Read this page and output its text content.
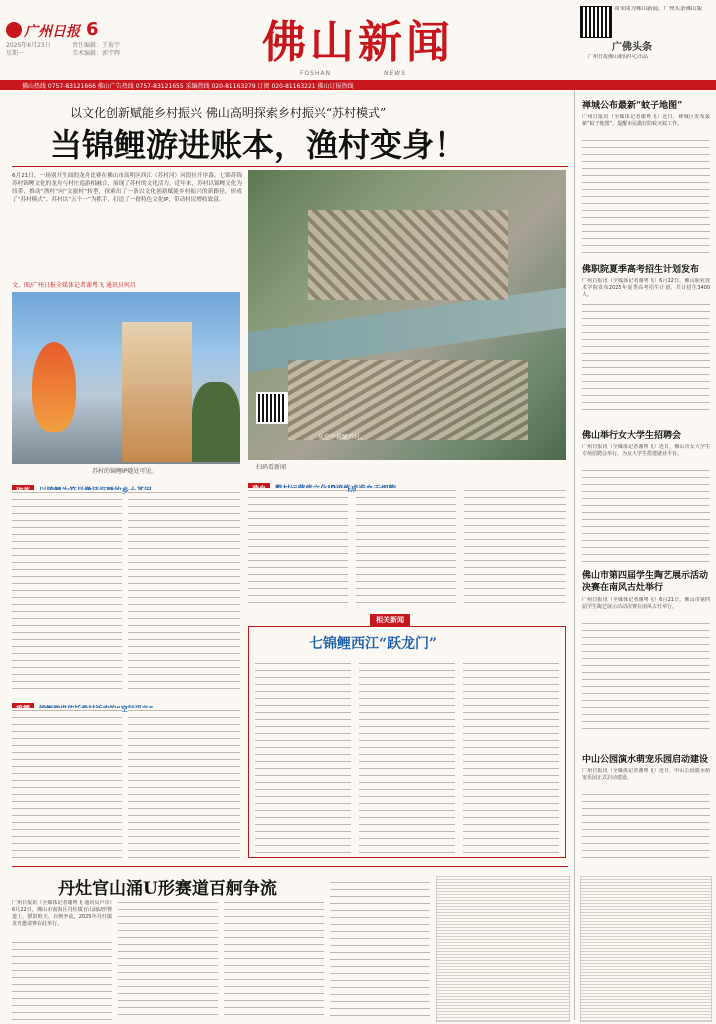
广州日报 6
2025年6月23日
星期一
责任编辑：王俊宇
美术编辑：郭宇辉	佛山新闻
FOSHAN	NEWS
周末阅为佛山新闻，广州头条佛山版
广佛头条
广州日报佛山新闻中心出品
佛山热线 0757-83121666 佛山广告热线 0757-83121655 采编热线 020-81163279 订阅 020-81163221 佛山订报热线
以文化创新赋能乡村振兴 佛山高明探索乡村振兴“苏村模式”
当锦鲤游进账本，渔村变身！
6月21日，一场别开生面的龙舟比赛在佛山市高明区西江（苏村河）河段拉开序幕。七锦苏锦苏村锦鲤文化的龙舟与村庄巡游相融合，展现了苏村的文化活力。近年来，苏村以锦鲤文化为纽带，推动“渔村”向“文旅村”转型，探索出了一条以文化创新赋能乡村振兴的新路径，形成了“苏村模式”。苏村以“五个一”为抓手，打造了一批特色文化IP，带动村民增收致富。
文、图/广州日报全媒体记者谢粤飞 通讯员何昌
苏村的锦鲤IP随处可见。
从空中俯瞰苏村。
扫码看新闻
相关新闻
七锦鲤西江“跃龙门”
丹灶官山涌U形赛道百舸争流
广州日报讯（全媒体记者谢粤飞 通讯员卢卓）6月22日，佛山市南海区丹灶镇官山涌U形赛道上，锣鼓喧天、百舸争流，2025年丹灶镇龙舟邀请赛在此举行。
禅城公布最新“蚊子地图”
广州日报讯（全媒体记者谢粤飞）近日，禅城区发布最新“蚊子地图”，提醒市民做好防蚊灭蚊工作。
佛职院夏季高考招生计划发布
广州日报讯（全媒体记者谢粤飞）6月22日，佛山职业技术学院发布2025年夏季高考招生计划，共计招生3400人。
佛山举行女大学生招聘会
广州日报讯（全媒体记者谢粤飞）近日，佛山市女大学生专场招聘会举行，为女大学生搭建就业平台。
佛山市第四届学生陶艺展示活动决赛在南风古灶举行
广州日报讯（全媒体记者谢粤飞）6月21日，佛山市第四届学生陶艺展示活动决赛在南风古灶举行。
中山公园演水萌宠乐园启动建设
广州日报讯（全媒体记者谢粤飞）近日，中山公园演水萌宠乐园正式启动建设。
